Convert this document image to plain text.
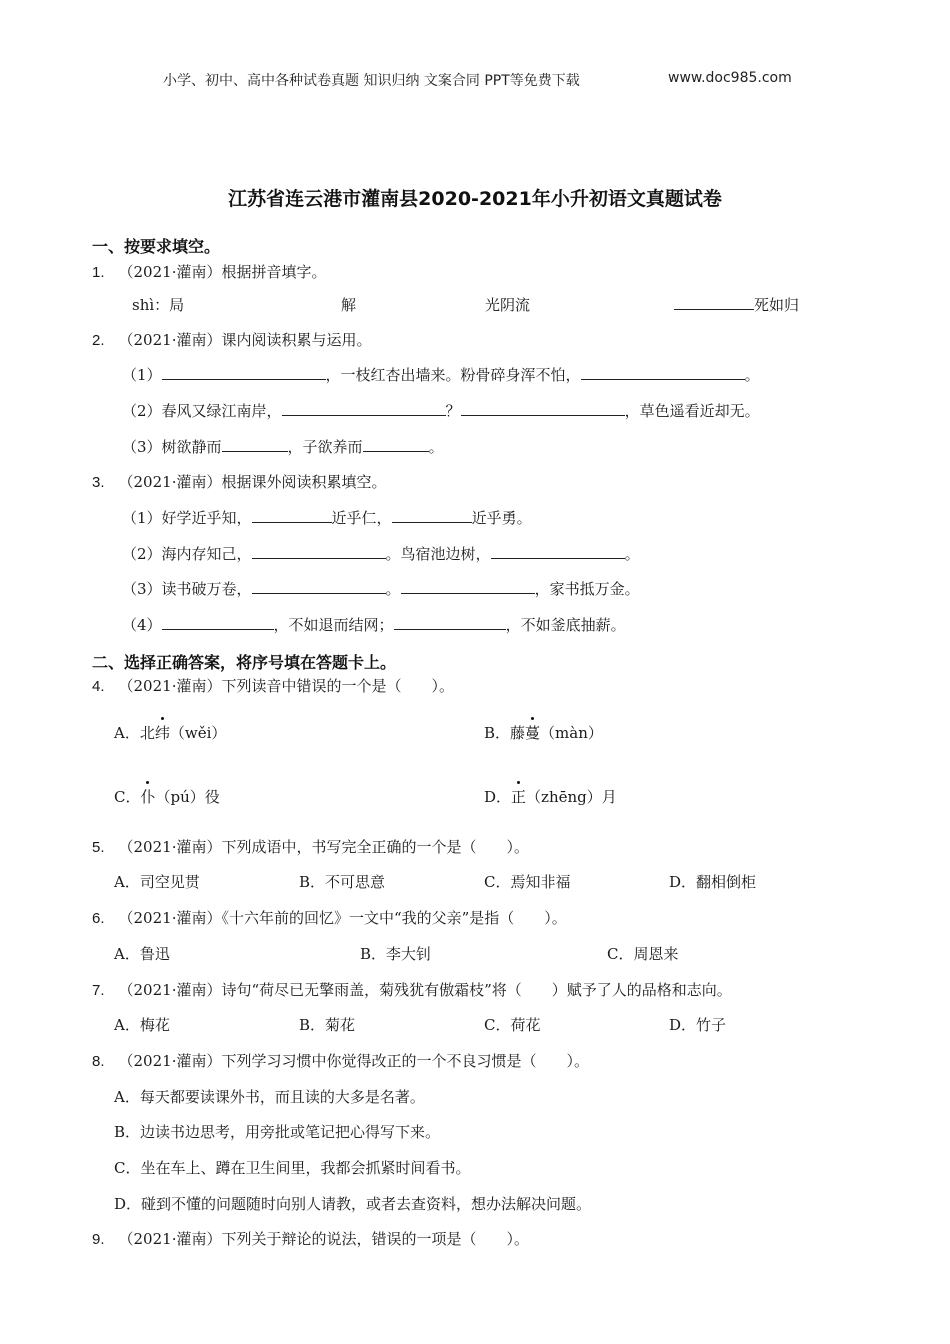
小学、初中、高中各种试卷真题 知识归纳 文案合同 PPT等免费下载	www.doc985.com
江苏省连云港市灌南县2020-2021年小升初语文真题试卷
一、按要求填空。
1. （2021·灌南）根据拼音填字。
shì：局	解	光阴流	死如归
2. （2021·灌南）课内阅读积累与运用。
（1）	，一枝红杏出墙来。粉骨碎身浑不怕，	。
（2）春风又绿江南岸，	？	，草色遥看近却无。
（3）树欲静而	，子欲养而	。
3. （2021·灌南）根据课外阅读积累填空。
（1）好学近乎知，	近乎仁，	近乎勇。
（2）海内存知己，	。鸟宿池边树，	。
（3）读书破万卷，	。	，家书抵万金。
（4）	，不如退而结网；	，不如釜底抽薪。
二、选择正确答案，将序号填在答题卡上。
4. （2021·灌南）下列读音中错误的一个是（　　）。
A．北纬（wěi）	B．藤蔓（màn）
C．仆（pú）役	D．正（zhēng）月
5. （2021·灌南）下列成语中，书写完全正确的一个是（　　）。
A．司空见贯	B．不可思意	C．焉知非福	D．翻相倒柜
6. （2021·灌南）《十六年前的回忆》一文中“我的父亲”是指（　　）。
A．鲁迅	B．李大钊	C．周恩来
7. （2021·灌南）诗句“荷尽已无擎雨盖，菊残犹有傲霜枝”将（　　）赋予了人的品格和志向。
A．梅花	B．菊花	C．荷花	D．竹子
8. （2021·灌南）下列学习习惯中你觉得改正的一个不良习惯是（　　）。
A．每天都要读课外书，而且读的大多是名著。
B．边读书边思考，用旁批或笔记把心得写下来。
C．坐在车上、蹲在卫生间里，我都会抓紧时间看书。
D．碰到不懂的问题随时向别人请教，或者去查资料，想办法解决问题。
9. （2021·灌南）下列关于辩论的说法，错误的一项是（　　）。
